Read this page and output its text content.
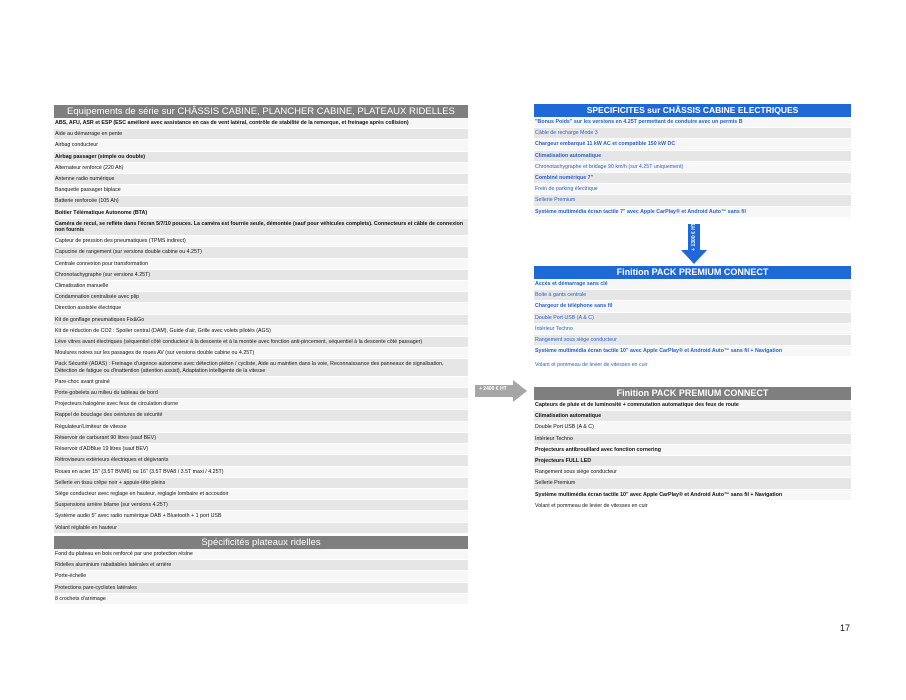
Equipements de série sur CHÂSSIS CABINE, PLANCHER CABINE, PLATEAUX RIDELLES
ABS, AFU, ASR et ESP (ESC amélioré avec assistance en cas de vent latéral, contrôle de stabilité de la remorque, et freinage après collision)
Aide au démarrage en pente
Airbag conducteur
Airbag passager (simple ou double)
Alternateur renforcé (220 Ah)
Antenne radio numérique
Banquette passager biplace
Batterie renforcée (105 Ah)
Boitier Télématique Autonome (BTA)
Caméra de recul, se reflète dans l'écran 5/7/10 pouces. La caméra est fournie seule, démontée (sauf pour véhicules complets). Connecteurs et câble de connexion non fournis
Capteur de pression des pneumatiques (TPMS indirect)
Capucine de rangement (sur versions double cabine ou 4.25T)
Centrale connexion pour transformation
Chronotachygraphe (sur versions 4.25T)
Climatisation manuelle
Condamnation centralisée avec plip
Direction assistée électrique
Kit de gonflage pneumatiques Fix&Go
Kit de réduction de CO2 : Spoiler central (DAM), Guide d'air, Grille avec volets pilotés (AGS)
Lève vitres avant électriques (séquentiel côté conducteur à la descente et à la montée avec fonction anti-pincement, séquentiel à la descente côté passager)
Moulures noires sur les passages de roues AV (sur versions double cabine ou 4.25T)
Pack Sécurité (ADAS) : Freinage d'urgence autonome avec détection piéton / cycliste, Aide au maintien dans la voie, Reconnaissance des panneaux de signalisation, Détection de fatigue ou d'inattention (attention assist), Adaptation intelligente de la vitesse
Pare-choc avant grainé
Porte-gobelets au milieu du tableau de bord
Projecteurs halogène avec feux de circulation diurne
Rappel de bouclage des ceintures de sécurité
Régulateur/Limiteur de vitesse
Réservoir de carburant 90 litres (sauf BEV)
Réservoir d'ADBlue 19 litres (sauf BEV)
Rétroviseurs extérieurs électriques et dégivrants
Roues en acier 15" (3.5T BVM6) ou 16" (3.5T BVA8 / 3.5T maxi / 4.25T)
Sellerie en tissu crêpe noir + appuie-tête pleins
Siège conducteur avec reglage en hauteur, reglagle lombaire et accoudoir
Suspensions arrière bilame (sur versions 4.25T)
Système audio 5" avec radio numérique DAB + Bluetooth + 1 port USB
Volant réglable en hauteur
Spécificités plateaux ridelles
Fond du plateau en bois renforcé par une protection résine
Ridelles aluminium rabattables latérales et arrière
Porte-échelle
Protections pare-cyclistes latérales
8 crochets d'arrimage
SPECIFICITES sur CHÂSSIS CABINE ELECTRIQUES
"Bonus Poids" sur les versions en 4.25T permettant de conduire avec un permis B
Câble de recharge Mode 3
Chargeur embarqué 11 kW AC et compatible 150 kW DC
Climatisation automatique
Chronotachygraphe et bridage 90 km/h (sur 4.25T uniquement)
Combiné numérique 7"
Frein de parking électrique
Sellerie Premium
Système multimédia écran tactile 7" avec Apple CarPlay® et Android Auto™ sans fil
+ 1300 € HT
Finition PACK PREMIUM CONNECT
Accès et démarrage sans clé
Boite à gants centrale
Chargeur de téléphone sans fil
Double Port USB (A & C)
Intérieur Techno
Rangement sous siège conducteur
Système multimédia écran tactile 10" avec Apple CarPlay® et Android Auto™ sans fil + Navigation
Volant et pommeau de levier de vitesses en cuir
+ 2400 € HT	Finition PACK PREMIUM CONNECT
Capteurs de pluie et de luminosité + commutation automatique des feux de route
Climatisation automatique
Double Port USB (A & C)
Intérieur Techno
Projecteurs antibrouillard avec fonction cornering
Projecteurs FULL LED
Rangement sous siège conducteur
Sellerie Premium
Système multimédia écran tactile 10" avec Apple CarPlay® et Android Auto™ sans fil + Navigation
Volant et pommeau de levier de vitesses en cuir
17
